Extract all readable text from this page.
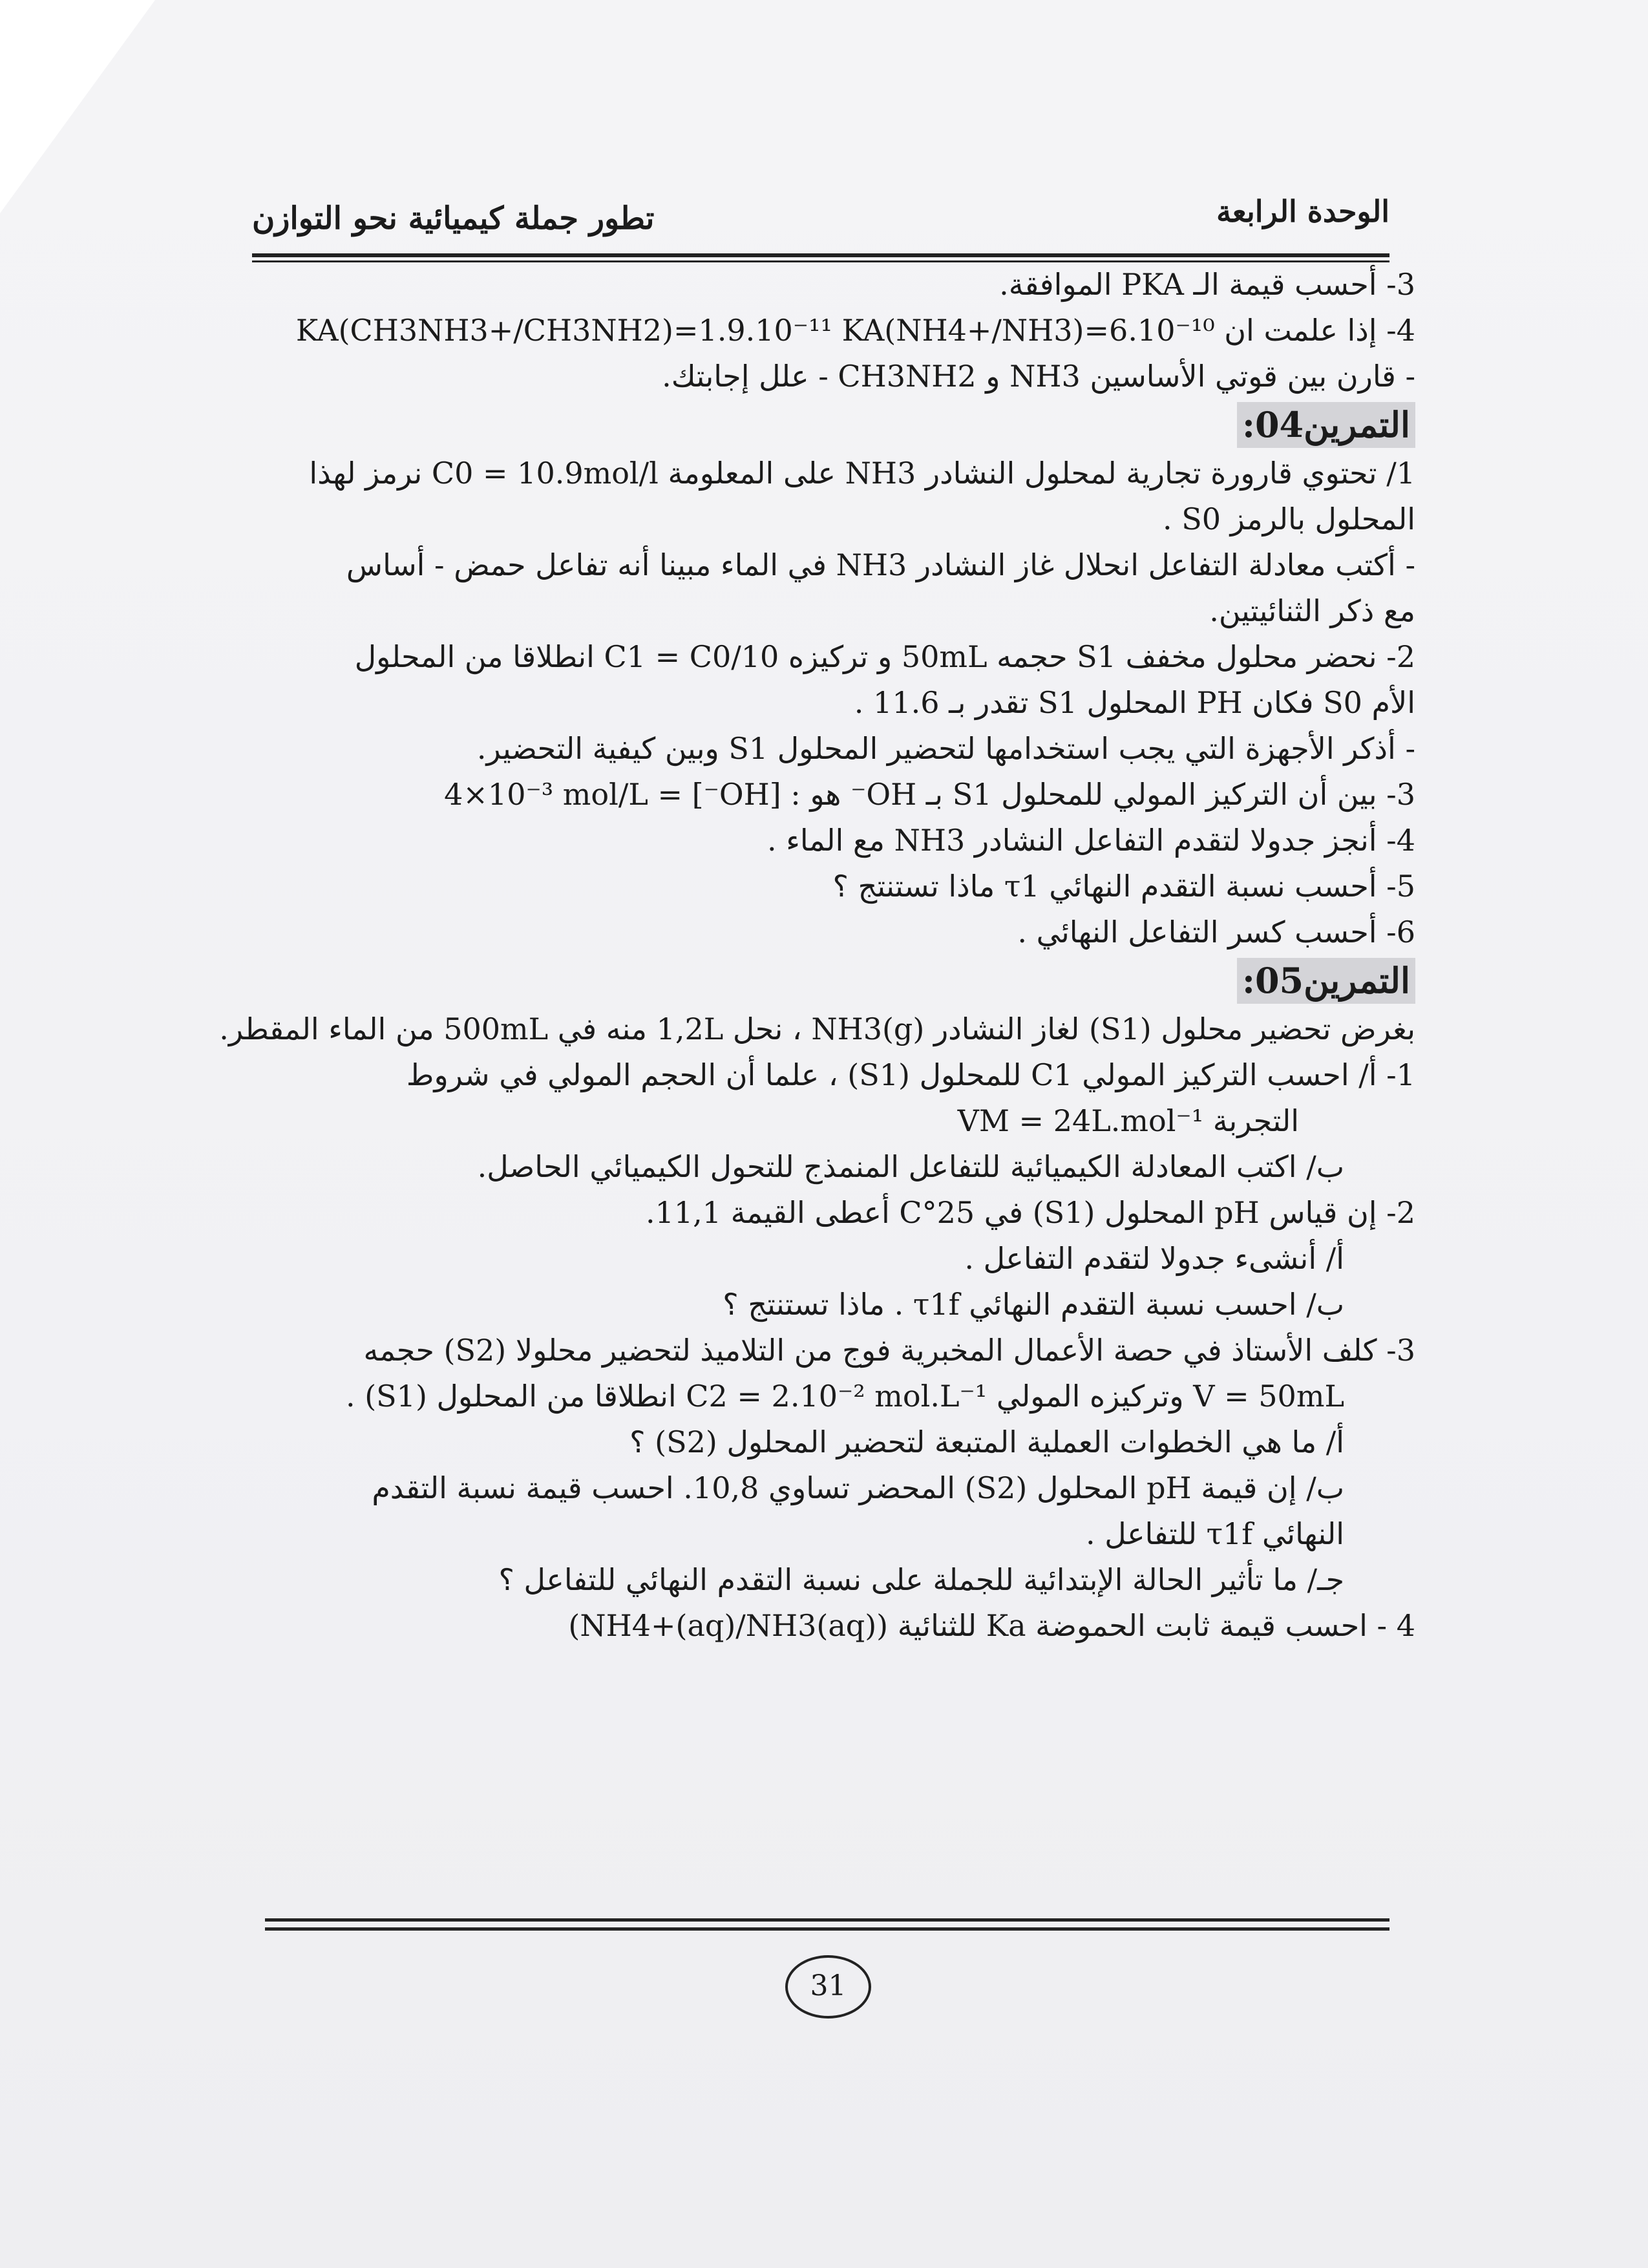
الوحدة الرابعة
تطور جملة كيميائية نحو التوازن
3- أحسب قيمة الـ PKA الموافقة.
4- إذا علمت ان KA(CH3NH3+/CH3NH2)=1.9.10⁻¹¹ KA(NH4+/NH3)=6.10⁻¹⁰
- قارن بين قوتي الأساسين NH3 و CH3NH2 - علل إجابتك.
التمرين04:
1/ تحتوي قارورة تجارية لمحلول النشادر NH3 على المعلومة C0 = 10.9mol/l نرمز لهذا
المحلول بالرمز S0 .
- أكتب معادلة التفاعل انحلال غاز النشادر NH3 في الماء مبينا أنه تفاعل حمض - أساس
مع ذكر الثنائيتين.
2- نحضر محلول مخفف S1 حجمه 50mL و تركيزه C1 = C0/10 انطلاقا من المحلول
الأم S0 فكان PH المحلول S1 تقدر بـ 11.6 .
- أذكر الأجهزة التي يجب استخدامها لتحضير المحلول S1 وبين كيفية التحضير.
3- بين أن التركيز المولي للمحلول S1 بـ OH⁻ هو : [OH⁻] = 4×10⁻³ mol/L
4- أنجز جدولا لتقدم التفاعل النشادر NH3 مع الماء .
5- أحسب نسبة التقدم النهائي τ1 ماذا تستنتج ؟
6- أحسب كسر التفاعل النهائي .
التمرين05:
بغرض تحضير محلول (S1) لغاز النشادر NH3(g) ، نحل 1,2L منه في 500mL من الماء المقطر.
1- أ/ احسب التركيز المولي C1 للمحلول (S1) ، علما أن الحجم المولي في شروط
التجربة VM = 24L.mol⁻¹
ب/ اكتب المعادلة الكيميائية للتفاعل المنمذج للتحول الكيميائي الحاصل.
2- إن قياس pH المحلول (S1) في 25°C أعطى القيمة 11,1.
أ/ أنشىء جدولا لتقدم التفاعل .
ب/ احسب نسبة التقدم النهائي τ1f . ماذا تستنتج ؟
3- كلف الأستاذ في حصة الأعمال المخبرية فوج من التلاميذ لتحضير محلولا (S2) حجمه
V = 50mL وتركيزه المولي C2 = 2.10⁻² mol.L⁻¹ انطلاقا من المحلول (S1) .
أ/ ما هي الخطوات العملية المتبعة لتحضير المحلول (S2) ؟
ب/ إن قيمة pH المحلول (S2) المحضر تساوي 10,8. احسب قيمة نسبة التقدم
النهائي τ1f للتفاعل .
جـ/ ما تأثير الحالة الإبتدائية للجملة على نسبة التقدم النهائي للتفاعل ؟
4 - احسب قيمة ثابت الحموضة Ka للثنائية (NH4+(aq)/NH3(aq))
31
